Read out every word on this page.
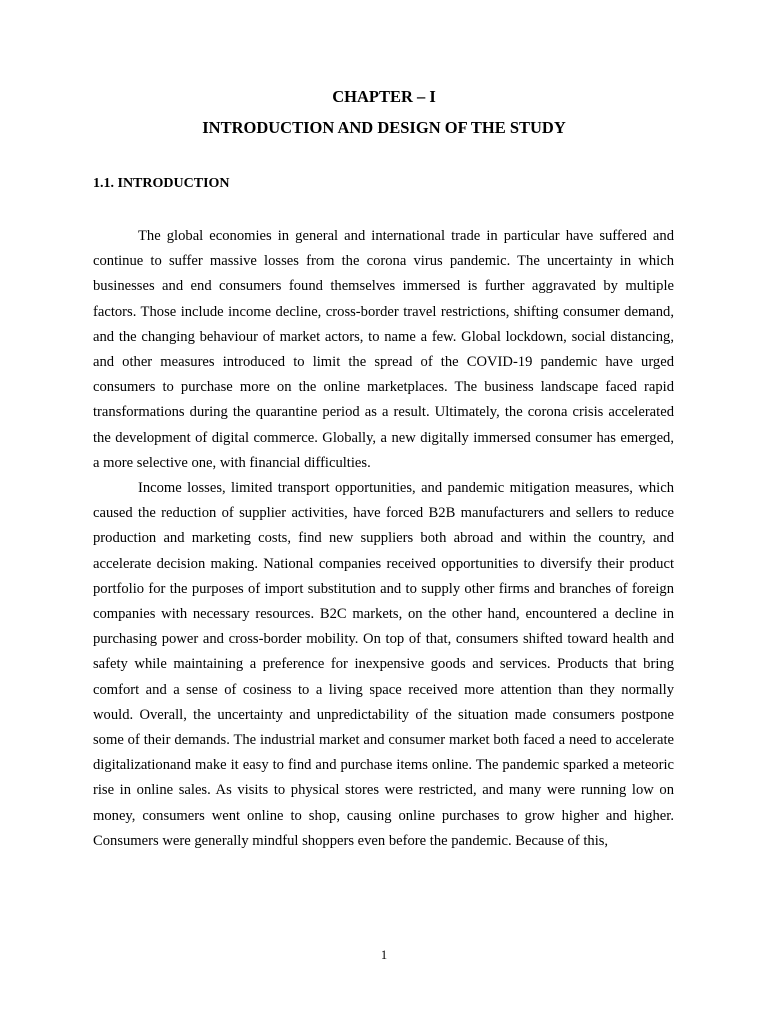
CHAPTER – I
INTRODUCTION AND DESIGN OF THE STUDY
1.1. INTRODUCTION

The global economies in general and international trade in particular have suffered and continue to suffer massive losses from the corona virus pandemic. The uncertainty in which businesses and end consumers found themselves immersed is further aggravated by multiple factors. Those include income decline, cross-border travel restrictions, shifting consumer demand, and the changing behaviour of market actors, to name a few. Global lockdown, social distancing, and other measures introduced to limit the spread of the COVID-19 pandemic have urged consumers to purchase more on the online marketplaces. The business landscape faced rapid transformations during the quarantine period as a result. Ultimately, the corona crisis accelerated the development of digital commerce. Globally, a new digitally immersed consumer has emerged, a more selective one, with financial difficulties.

Income losses, limited transport opportunities, and pandemic mitigation measures, which caused the reduction of supplier activities, have forced B2B manufacturers and sellers to reduce production and marketing costs, find new suppliers both abroad and within the country, and accelerate decision making. National companies received opportunities to diversify their product portfolio for the purposes of import substitution and to supply other firms and branches of foreign companies with necessary resources. B2C markets, on the other hand, encountered a decline in purchasing power and cross-border mobility. On top of that, consumers shifted toward health and safety while maintaining a preference for inexpensive goods and services. Products that bring comfort and a sense of cosiness to a living space received more attention than they normally would. Overall, the uncertainty and unpredictability of the situation made consumers postpone some of their demands. The industrial market and consumer market both faced a need to accelerate digitalizationand make it easy to find and purchase items online. The pandemic sparked a meteoric rise in online sales. As visits to physical stores were restricted, and many were running low on money, consumers went online to shop, causing online purchases to grow higher and higher. Consumers were generally mindful shoppers even before the pandemic. Because of this,

1
